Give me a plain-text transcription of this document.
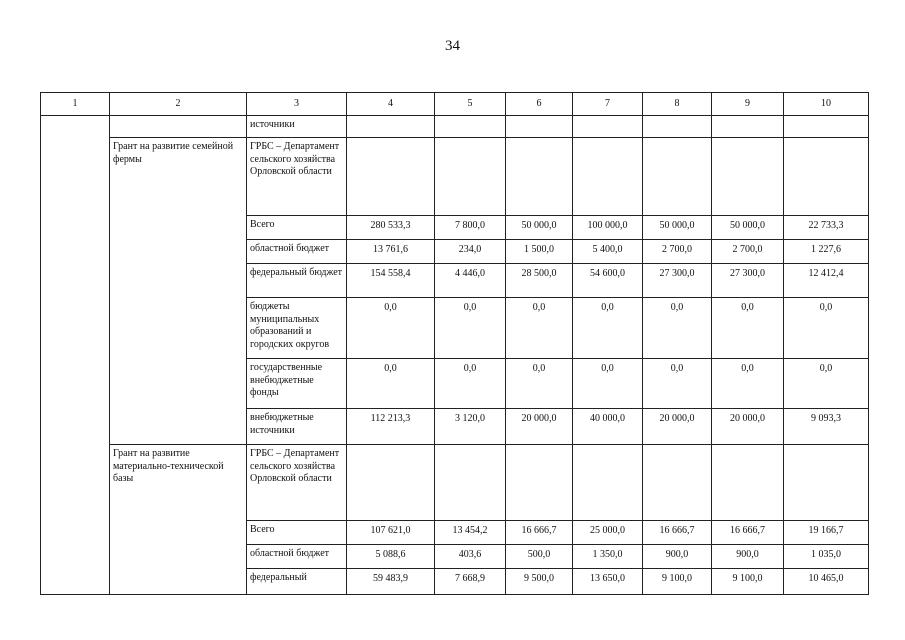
34
1	2	3	4	5	6	7	8	9	10
		источники							
	Грант на развитие семейной фермы	ГРБС – Департамент сельского хозяйства Орловской области							
		Всего	280 533,3	7 800,0	50 000,0	100 000,0	50 000,0	50 000,0	22 733,3
		областной бюджет	13 761,6	234,0	1 500,0	5 400,0	2 700,0	2 700,0	1 227,6
		федеральный бюджет	154 558,4	4 446,0	28 500,0	54 600,0	27 300,0	27 300,0	12 412,4
		бюджеты муниципальных образований и городских округов	0,0	0,0	0,0	0,0	0,0	0,0	0,0
		государственные внебюджетные фонды	0,0	0,0	0,0	0,0	0,0	0,0	0,0
		внебюджетные источники	112 213,3	3 120,0	20 000,0	40 000,0	20 000,0	20 000,0	9 093,3
	Грант на развитие материально-технической базы	ГРБС – Департамент сельского хозяйства Орловской области							
		Всего	107 621,0	13 454,2	16 666,7	25 000,0	16 666,7	16 666,7	19 166,7
		областной бюджет	5 088,6	403,6	500,0	1 350,0	900,0	900,0	1 035,0
		федеральный	59 483,9	7 668,9	9 500,0	13 650,0	9 100,0	9 100,0	10 465,0
